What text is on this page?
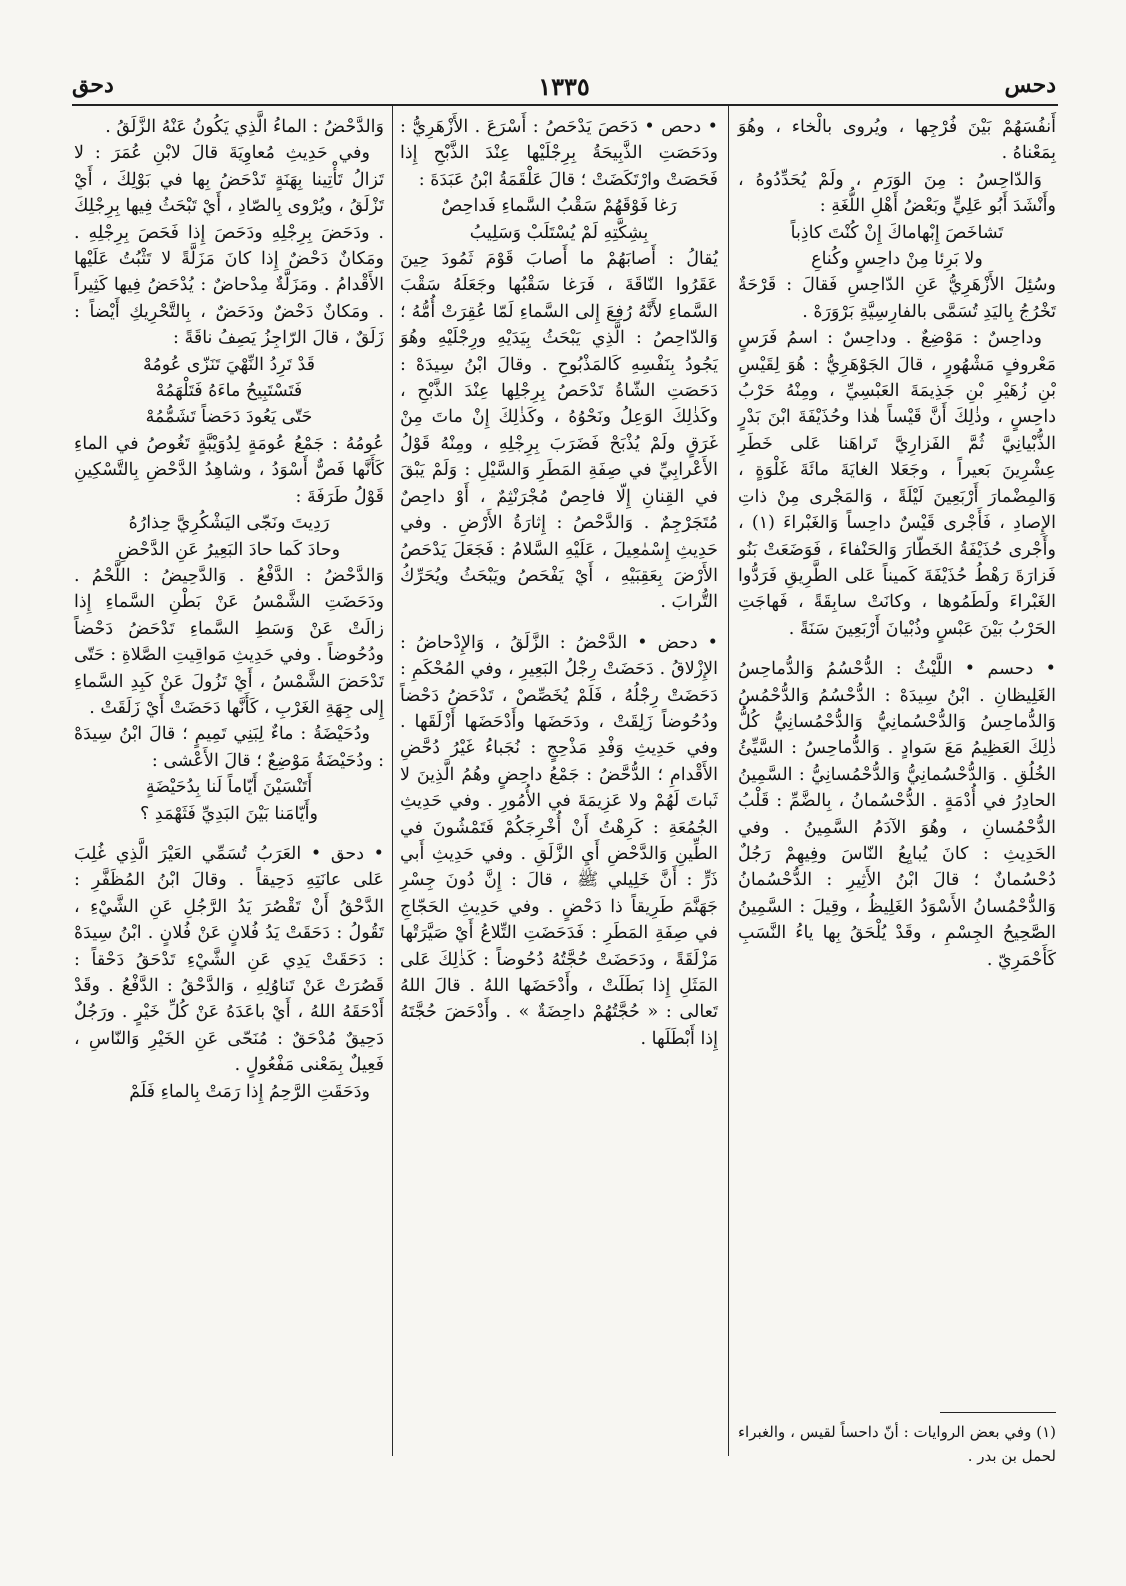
دحس
١٣٣٥
دحق

أَنفُسَهُمْ بَيْنَ فُرْجِها ، ويُروى بالْخاء ، وهُوَ بِمَعْناهُ .

وَالدّاحِسُ : مِنَ الوَرَمِ ، ولَمْ يُحَدِّدُوهُ ، وأَنْشَدَ أَبُو عَلِيٍّ وبَعْضُ أَهْلِ اللُّغَةِ :

تَشاخَصَ إِبْهاماكَ إِنْ كُنْتَ كاذِباً

ولا بَرِئا مِنْ داحِسٍ وكُناعِ

وسُئِلَ الأَزْهَرِيُّ عَنِ الدّاحِسِ فَقالَ : قَرْحَةٌ تَخْرُجُ بِاليَدِ تُسَمَّى بالفارِسِيَّةِ بَرْوَرَهْ .

وداحِسٌ : مَوْضِعٌ . وداحِسٌ : اسمُ فَرَسٍ مَعْروفٍ مَشْهُورٍ ، قالَ الجَوْهَرِيُّ : هُوَ لِقَيْسِ بْنِ زُهَيْرِ بْنِ جَذِيمَةَ العَبْسِيِّ ، ومِنْهُ حَرْبُ داحِسٍ ، وذٰلِكَ أَنَّ قَيْساً هٰذا وحُذَيْفَةَ ابْنَ بَدْرٍ الذُّبْيانِيَّ ثُمَّ الفَزارِيَّ تَراهَنا عَلى خَطَرِ عِشْرِينَ بَعيراً ، وجَعَلا الغايَةَ مائَةَ غَلْوَةٍ ، وَالمِضْمارَ أَرْبَعِينَ لَيْلَةً ، وَالمَجْرى مِنْ ذاتِ الإِصادِ ، فَأَجْرى قَيْسٌ داحِساً وَالغَبْراءَ (١) ، وأَجْرى حُذَيْفَةُ الخَطّارَ وَالحَنْفاءَ ، فَوَضَعَتْ بَنُو فَزارَةَ رَهْطُ حُذَيْفَةَ كَميناً عَلى الطَّرِيقِ فَرَدُّوا الغَبْراءَ ولَطَمُوها ، وكانَتْ سابِقَةً ، فَهاجَتِ الحَرْبُ بَيْنَ عَبْسٍ وذُبْيانَ أَرْبَعِينَ سَنَةً .

• دحسم • اللَّيْثُ : الدُّحْسُمُ وَالدُّماحِسُ الغَلِيظانِ . ابْنُ سِيدَهْ : الدُّحْسُمُ وَالدُّحْمُسُ وَالدُّماحِسُ وَالدُّحْسُمانِيُّ وَالدُّحْمُسانِيُّ كُلُّ ذٰلِكَ العَظِيمُ مَعَ سَوادٍ . وَالدُّماحِسُ : السَّيِّئُ الخُلُقِ . وَالدُّحْسُمانِيُّ وَالدُّحْمُسانِيُّ : السَّمِينُ الحادِرُ في أُدْمَةٍ . الدُّحْسُمانُ ، بِالضَّمِّ : قَلْبُ الدُّحْمُسانِ ، وهُوَ الآدَمُ السَّمِينُ . وفي الحَدِيثِ : كانَ يُبايِعُ النّاسَ وفِيهِمْ رَجُلٌ دُحْسُمانٌ ؛ قالَ ابْنُ الأَثِيرِ : الدُّحْسُمانُ وَالدُّحْمُسانُ الأَسْوَدُ الغَلِيظُ ، وقِيلَ : السَّمِينُ الصَّحِيحُ الجِسْمِ ، وقَدْ يُلْحَقُ بِها ياءُ النَّسَبِ كَأَحْمَرِيّ .

• دحص • دَحَصَ يَدْحَصُ : أَسْرَعَ . الأَزْهَرِيُّ : ودَحَصَتِ الذَّبِيحَةُ بِرِجْلَيْها عِنْدَ الذَّبْحِ إِذا فَحَصَتْ وارْتَكَضَتْ ؛ قالَ عَلْقَمَةُ ابْنُ عَبَدَةَ :

رَغا فَوْقَهُمْ سَقْبُ السَّماءِ فَداحِصٌ

بِشِكَّتِهِ لَمْ يُسْتَلَبْ وَسَلِيبُ

يُقالُ : أَصابَهُمْ ما أَصابَ قَوْمَ ثَمُودَ حِينَ عَقَرُوا النّاقَةَ ، فَرَغا سَقْبُها وجَعَلَهُ سَقْبَ السَّماءِ لأَنَّهُ رُفِعَ إِلى السَّماءِ لَمّا عُقِرَتْ أُمُّهُ ؛ وَالدّاحِصُ : الَّذِي يَبْحَثُ بِيَدَيْهِ ورِجْلَيْهِ وهُوَ يَجُودُ بِنَفْسِهِ كَالمَذْبُوحِ . وقالَ ابْنُ سِيدَهْ : دَحَصَتِ الشّاةُ تَدْحَصُ بِرِجْلِها عِنْدَ الذَّبْحِ ، وكَذٰلِكَ الوَعِلُ ونَحْوُهُ ، وكَذٰلِكَ إِنْ ماتَ مِنْ غَرَقٍ ولَمْ يُذْبَحْ فَضَرَبَ بِرِجْلِهِ ، ومِنْهُ قَوْلُ الأَعْرابِيِّ في صِفَةِ المَطَرِ وَالسَّيْلِ : وَلَمْ يَبْقَ في القِنانِ إِلّا فاحِصٌ مُجْرَنْثِمٌ ، أَوْ داحِصٌ مُتَجَرْجِمٌ . وَالدَّحْصُ : إِثارَةُ الأَرْضِ . وفي حَدِيثِ إِسْمٰعِيلَ ، عَلَيْهِ السَّلامُ : فَجَعَلَ يَدْحَصُ الأَرْضَ بِعَقِبَيْهِ ، أَيْ يَفْحَصُ ويَبْحَثُ ويُحَرِّكُ التُّرابَ .

• دحض • الدَّحْضُ : الزَّلَقُ ، وَالإِدْحاضُ : الإِزْلاقُ . دَحَضَتْ رِجْلُ البَعِيرِ ، وفي المُحْكَمِ : دَحَضَتْ رِجْلُهُ ، فَلَمْ يُخَصِّصْ ، تَدْحَضُ دَحْضاً ودُحُوضاً زَلِقَتْ ، ودَحَضَها وأَدْحَضَها أَزْلَقَها . وفي حَدِيثِ وَفْدِ مَذْحِجٍ : نُجَباءُ غَيْرُ دُحَّضِ الأَقْدامِ ؛ الدُّحَّضُ : جَمْعُ داحِضٍ وهُمُ الَّذِينَ لا ثَباتَ لَهُمْ ولا عَزِيمَةَ في الأُمُورِ . وفي حَدِيثِ الجُمُعَةِ : كَرِهْتُ أَنْ أُخْرِجَكُمْ فَتَمْشُونَ في الطِّينِ وَالدَّحْضِ أَيِ الزَّلَقِ . وفي حَدِيثِ أَبي ذَرٍّ : أَنَّ خَلِيلي ﷺ ، قالَ : إِنَّ دُونَ جِسْرِ جَهَنَّمَ طَرِيقاً ذا دَحْضٍ . وفي حَدِيثِ الحَجّاجِ في صِفَةِ المَطَرِ : فَدَحَضَتِ التِّلاعُ أَيْ صَيَّرَتْها مَزْلَقَةً ، ودَحَضَتْ حُجَّتُهُ دُحُوضاً : كَذٰلِكَ عَلى المَثَلِ إِذا بَطَلَتْ ، وأَدْحَضَها اللهُ . قالَ اللهُ تَعالى : « حُجَّتُهُمْ داحِضَةٌ » . وأَدْحَضَ حُجَّتَهُ إِذا أَبْطَلَها .

وَالدَّحْضُ : الماءُ الَّذِي يَكُونُ عَنْهُ الزَّلَقُ .

وفي حَدِيثِ مُعاوِيَةَ قالَ لابْنِ عُمَرَ : لا تَزالُ تَأْتِينا بِهَنَةٍ تَدْحَضُ بِها في بَوْلِكَ ، أَيْ تَزْلَقُ ، ويُرْوى بِالصّادِ ، أَيْ تَبْحَثُ فِيها بِرِجْلِكَ . ودَحَضَ بِرِجْلِهِ ودَحَصَ إِذا فَحَصَ بِرِجْلِهِ . ومَكانٌ دَحْضٌ إِذا كانَ مَزَلَّةً لا تَثْبُتُ عَلَيْها الأَقْدامُ . ومَزَلَّةٌ مِدْحاضٌ : يُدْحَضُ فِيها كَثِيراً . ومَكانٌ دَحْضٌ ودَحَضٌ ، بِالتَّحْرِيكِ أَيْضاً : زَلَقٌ ، قالَ الرّاجِزُ يَصِفُ ناقَةً :

قَدْ تَرِدُ النِّهْيَ تَنَزّى عُومُهْ

فَتَسْتَبِيحُ ماءَهُ فَتَلْهَمُهْ

حَتّى يَعُودَ دَحَضاً تَشَمُّمُهْ

عُومُهُ : جَمْعُ عُومَةٍ لِدُوَيْبَّةٍ تَغُوصُ في الماءِ كَأَنَّها فَصٌّ أَسْوَدُ ، وشاهِدُ الدَّحْضِ بِالتَّسْكِينِ قَوْلُ طَرَفَةَ :

رَدِيتَ ونَجّى اليَشْكُرِيَّ حِذارُهُ

وحادَ كَما حادَ البَعِيرُ عَنِ الدَّحْضِ

وَالدَّحْضُ : الدَّفْعُ . وَالدَّحِيضُ : اللَّحْمُ . ودَحَضَتِ الشَّمْسُ عَنْ بَطْنِ السَّماءِ إِذا زالَتْ عَنْ وَسَطِ السَّماءِ تَدْحَضُ دَحْضاً ودُحُوضاً . وفي حَدِيثِ مَواقِيتِ الصَّلاةِ : حَتّى تَدْحَضَ الشَّمْسُ ، أَيْ تَزُولَ عَنْ كَبِدِ السَّماءِ إِلى جِهَةِ الغَرْبِ ، كَأَنَّها دَحَضَتْ أَيْ زَلَقَتْ .

ودُحَيْضَةُ : ماءٌ لِبَنِي تَمِيمٍ ؛ قالَ ابْنُ سِيدَهْ : ودُحَيْضَةُ مَوْضِعٌ ؛ قالَ الأَعْشى :

أَتَنْسَيْنَ أَيّاماً لَنا بِدُحَيْضَةٍ

وأَيّامَنا بَيْنَ البَدِيِّ فَثَهْمَدِ ؟

• دحق • العَرَبُ تُسَمِّي العَيْرَ الَّذِي غُلِبَ عَلى عانَتِهِ دَحِيقاً . وقالَ ابْنُ المُظَفَّرِ : الدَّحْقُ أَنْ تَقْصُرَ يَدُ الرَّجُلِ عَنِ الشَّيْءِ ، تَقُولُ : دَحَقَتْ يَدُ فُلانٍ عَنْ فُلانٍ . ابْنُ سِيدَهْ : دَحَقَتْ يَدِي عَنِ الشَّيْءِ تَدْحَقُ دَحْقاً : قَصُرَتْ عَنْ تَناوُلِهِ ، وَالدَّحْقُ : الدَّفْعُ . وقَدْ أَدْحَقَهُ اللهُ ، أَيْ باعَدَهُ عَنْ كُلِّ خَيْرٍ . ورَجُلٌ دَحِيقٌ مُدْحَقٌ : مُنَحّى عَنِ الخَيْرِ وَالنّاسِ ، فَعِيلٌ بِمَعْنى مَفْعُولٍ .

ودَحَقَتِ الرَّحِمُ إِذا رَمَتْ بِالماءِ فَلَمْ

(١) وفي بعض الروايات : أنّ داحساً لقيس ، والغبراء لحمل بن بدر .
